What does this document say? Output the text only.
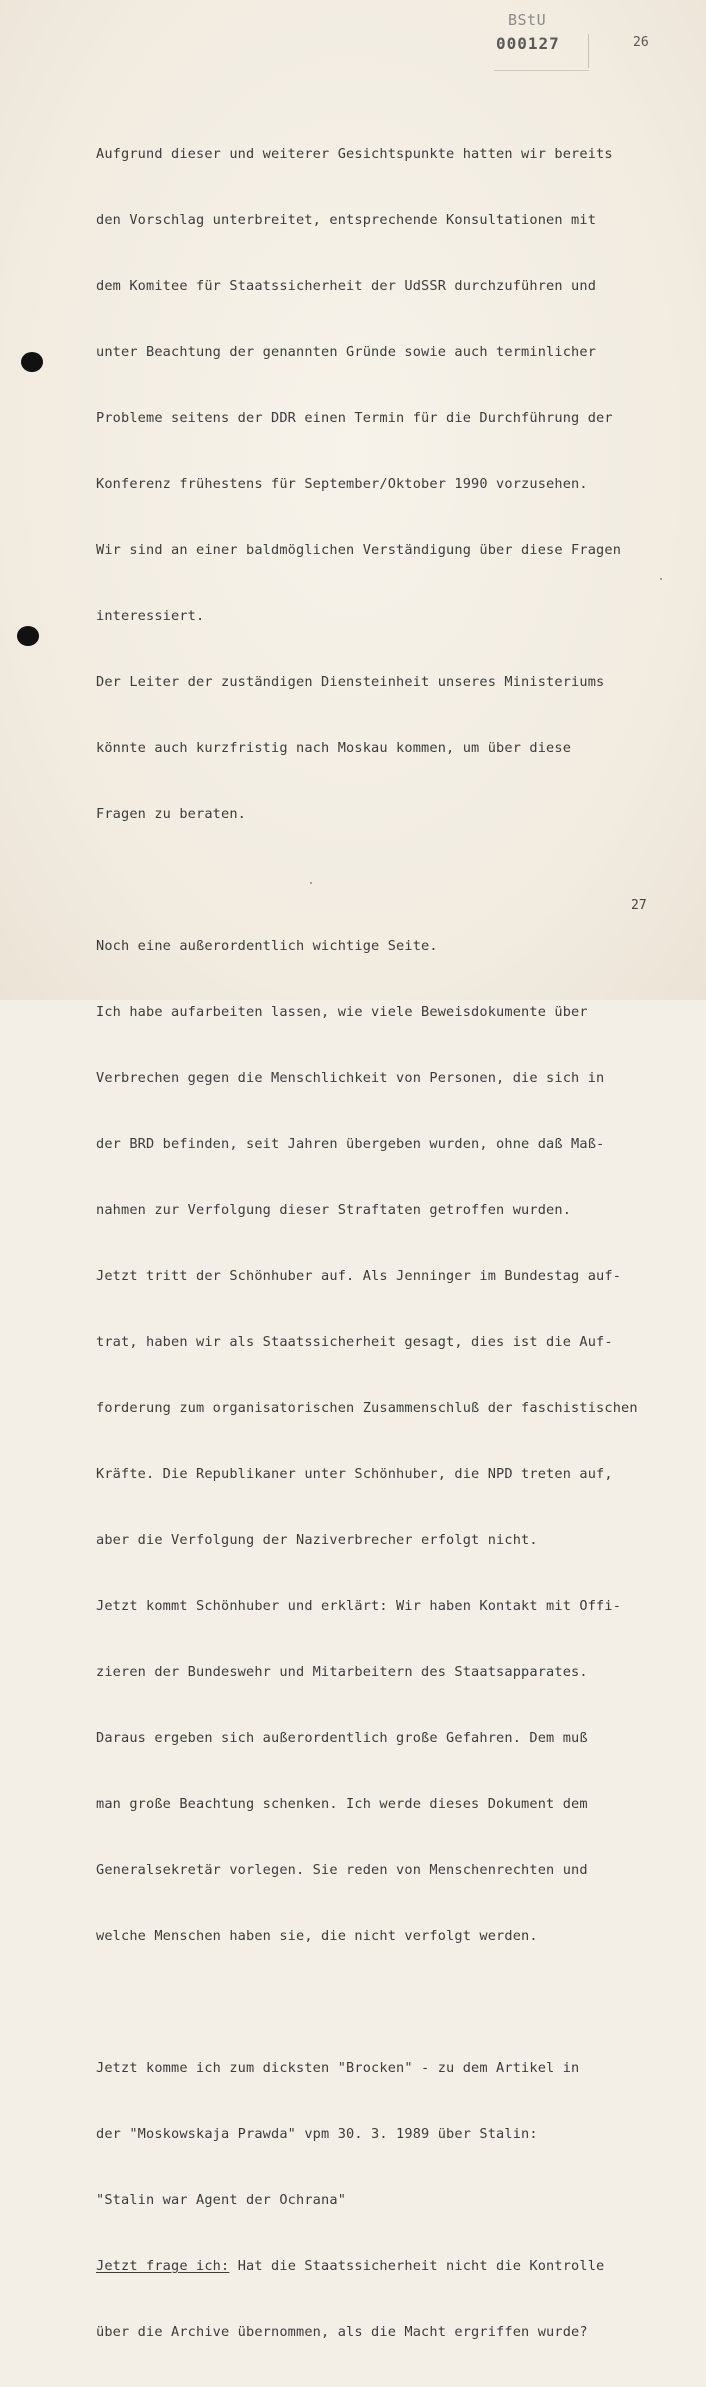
BStU
000127	26

Aufgrund dieser und weiterer Gesichtspunkte hatten wir bereits

den Vorschlag unterbreitet, entsprechende Konsultationen mit

dem Komitee für Staatssicherheit der UdSSR durchzuführen und

unter Beachtung der genannten Gründe sowie auch terminlicher

Probleme seitens der DDR einen Termin für die Durchführung der

Konferenz frühestens für September/Oktober 1990 vorzusehen.

Wir sind an einer baldmöglichen Verständigung über diese Fragen

interessiert.

Der Leiter der zuständigen Diensteinheit unseres Ministeriums

könnte auch kurzfristig nach Moskau kommen, um über diese

Fragen zu beraten.

Noch eine außerordentlich wichtige Seite.

Ich habe aufarbeiten lassen, wie viele Beweisdokumente über

Verbrechen gegen die Menschlichkeit von Personen, die sich in

der BRD befinden, seit Jahren übergeben wurden, ohne daß Maß-

nahmen zur Verfolgung dieser Straftaten getroffen wurden.

Jetzt tritt der Schönhuber auf. Als Jenninger im Bundestag auf-

trat, haben wir als Staatssicherheit gesagt, dies ist die Auf-

forderung zum organisatorischen Zusammenschluß der faschistischen

Kräfte. Die Republikaner unter Schönhuber, die NPD treten auf,

aber die Verfolgung der Naziverbrecher erfolgt nicht.

Jetzt kommt Schönhuber und erklärt: Wir haben Kontakt mit Offi-

zieren der Bundeswehr und Mitarbeitern des Staatsapparates.

Daraus ergeben sich außerordentlich große Gefahren. Dem muß

man große Beachtung schenken. Ich werde dieses Dokument dem

Generalsekretär vorlegen. Sie reden von Menschenrechten und

welche Menschen haben sie, die nicht verfolgt werden.

Jetzt komme ich zum dicksten "Brocken" - zu dem Artikel in

der "Moskowskaja Prawda" vpm 30. 3. 1989 über Stalin:

"Stalin war Agent der Ochrana"

Jetzt frage ich: Hat die Staatssicherheit nicht die Kontrolle

über die Archive übernommen, als die Macht ergriffen wurde?

27
